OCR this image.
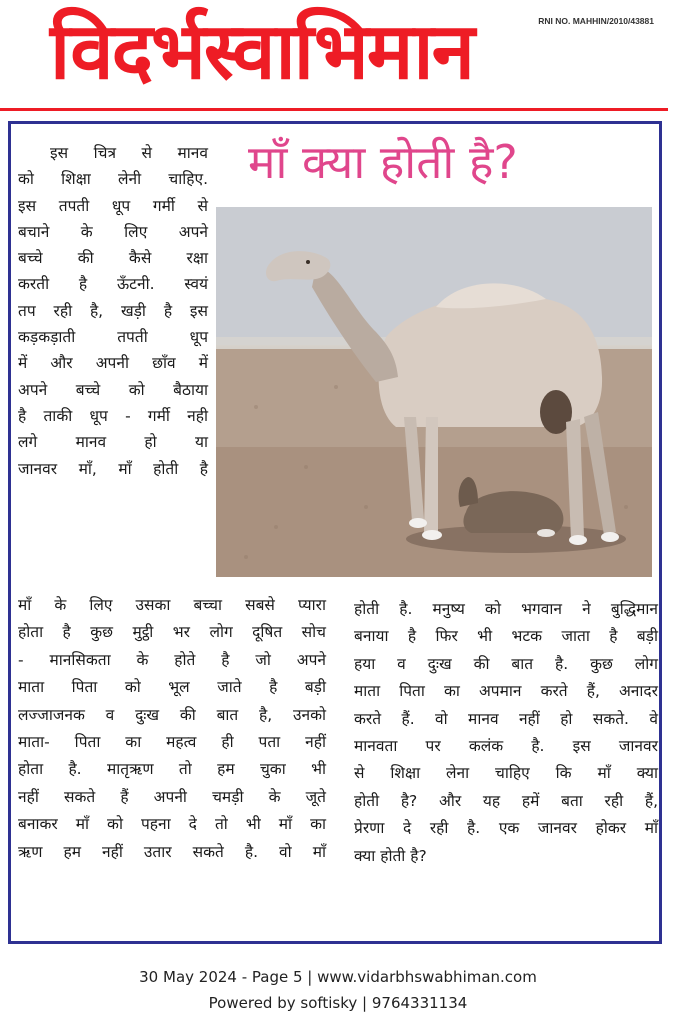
विदर्भस्वाभिमान	RNI NO. MAHHIN/2010/43881
माँ क्या होती है?
इस चित्र से मानव
को शिक्षा लेनी चाहिए.
इस तपती धूप गर्मी से
बचाने के लिए अपने
बच्चे की कैसे रक्षा
करती है ऊँटनी. स्वयं
तप रही है, खड़ी है इस
कड़कड़ाती तपती धूप
में और अपनी छाँव में
अपने बच्चे को बैठाया
है ताकी धूप - गर्मी नही
लगे मानव हो या
जानवर माँ, माँ होती है
माँ के लिए उसका बच्चा सबसे प्यारा
होता है कुछ मुट्ठी भर लोग दूषित सोच
- मानसिकता के होते है जो अपने
माता पिता को भूल जाते है बड़ी
लज्जाजनक व दुःख की बात है, उनको
माता- पिता का महत्व ही पता नहीं
होता है. मातृऋण तो हम चुका भी
नहीं सकते हैं अपनी चमड़ी के जूते
बनाकर माँ को पहना दे तो भी माँ का
ऋण हम नहीं उतार सकते है. वो माँ
होती है. मनुष्य को भगवान ने बुद्धिमान
बनाया है फिर भी भटक जाता है बड़ी
हया व दुःख की बात है. कुछ लोग
माता पिता का अपमान करते हैं, अनादर
करते हैं. वो मानव नहीं हो सकते. वे
मानवता पर कलंक है. इस जानवर
से शिक्षा लेना चाहिए कि माँ क्या
होती है? और यह हमें बता रही हैं,
प्रेरणा दे रही है. एक जानवर होकर माँ
क्या होती है?
30 May 2024 - Page 5 | www.vidarbhswabhiman.com
Powered by softisky | 9764331134
